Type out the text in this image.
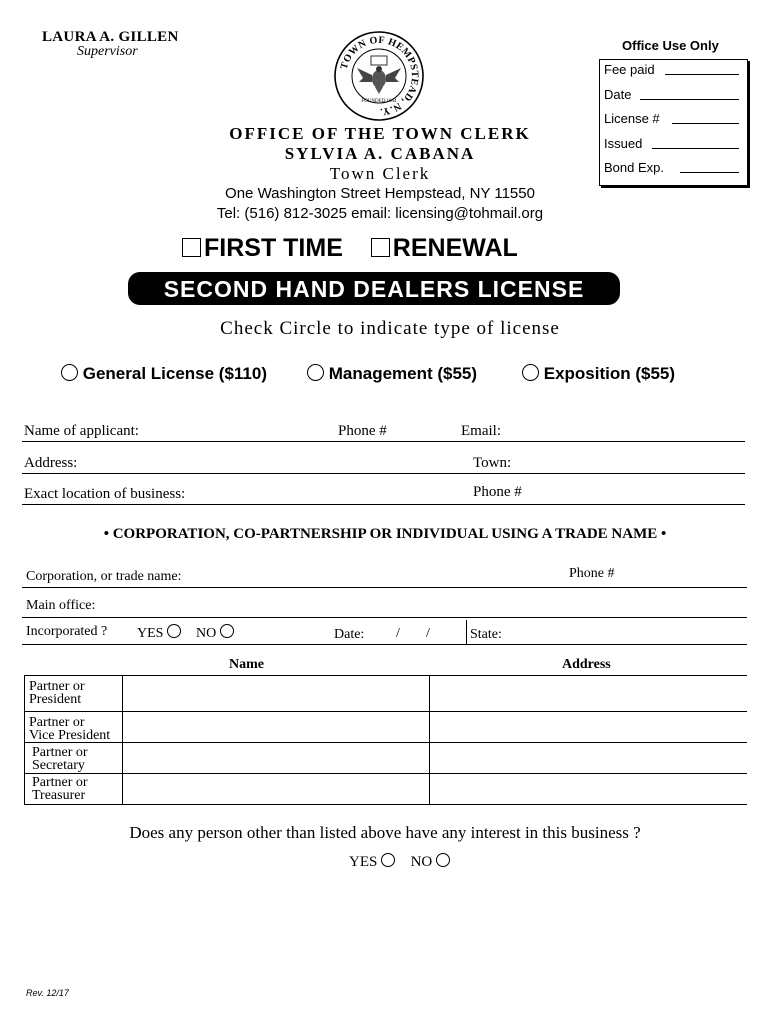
LAURA A. GILLEN
Supervisor
TOWN OF HEMPSTEAD, N.Y.
FOUNDED 1644
OFFICE OF THE TOWN CLERK
SYLVIA A. CABANA
Town Clerk
One Washington Street Hempstead, NY 11550
Tel: (516) 812-3025 email: licensing@tohmail.org
Office Use Only
Fee paid
Date
License #
Issued
Bond Exp.
FIRST TIME RENEWAL
SECOND HAND DEALERS LICENSE
Check Circle to indicate type of license
General License ($110)	Management ($55)	Exposition ($55)
Name of applicant:	Phone #	Email:
Address:	Town:
Exact location of business:	Phone #
• CORPORATION, CO-PARTNERSHIP OR INDIVIDUAL USING A TRADE NAME •
Corporation, or trade name:	Phone #
Main office:
Incorporated ? YES NO	Date: / /	State:
Name	Address
Partner or
President
Partner or
Vice President
Partner or
Secretary
Partner or
Treasurer
Does any person other than listed above have any interest in this business ?
YES NO
Rev. 12/17
